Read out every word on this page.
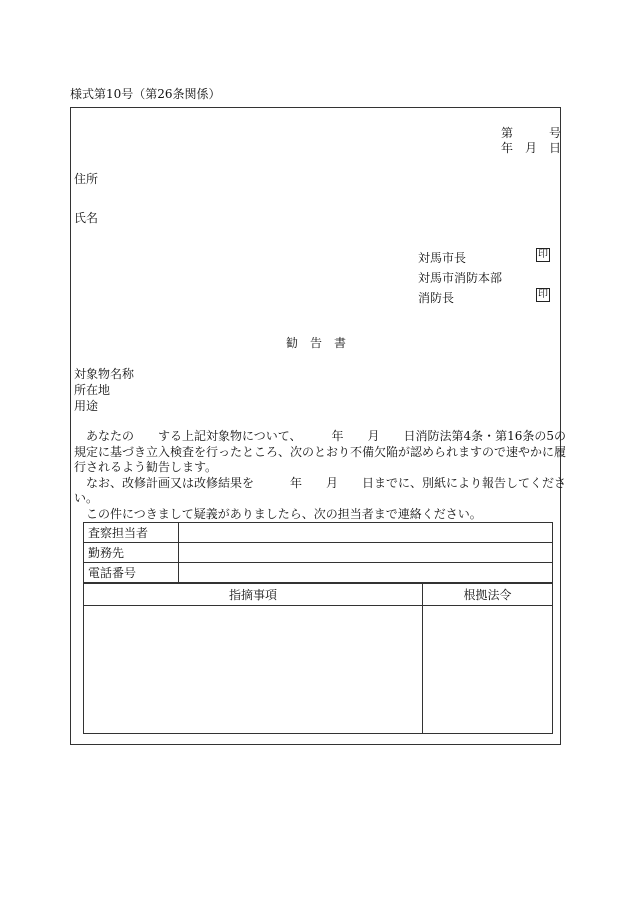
様式第10号（第26条関係）
第	号
年 月 日
住所
氏名
対馬市長	印
対馬市消防本部
消防長	印
勧 告 書
対象物名称
所在地
用途
あなたの　　する上記対象物について、　　　年　　月　　日消防法第4条・第16条の5の
規定に基づき立入検査を行ったところ、次のとおり不備欠陥が認められますので速やかに履
行されるよう勧告します。
なお、改修計画又は改修結果を　　　年　　月　　日までに、別紙により報告してくださ
い。
この件につきまして疑義がありましたら、次の担当者まで連絡ください。
査察担当者	
勤務先	
電話番号	
指摘事項	根拠法令
